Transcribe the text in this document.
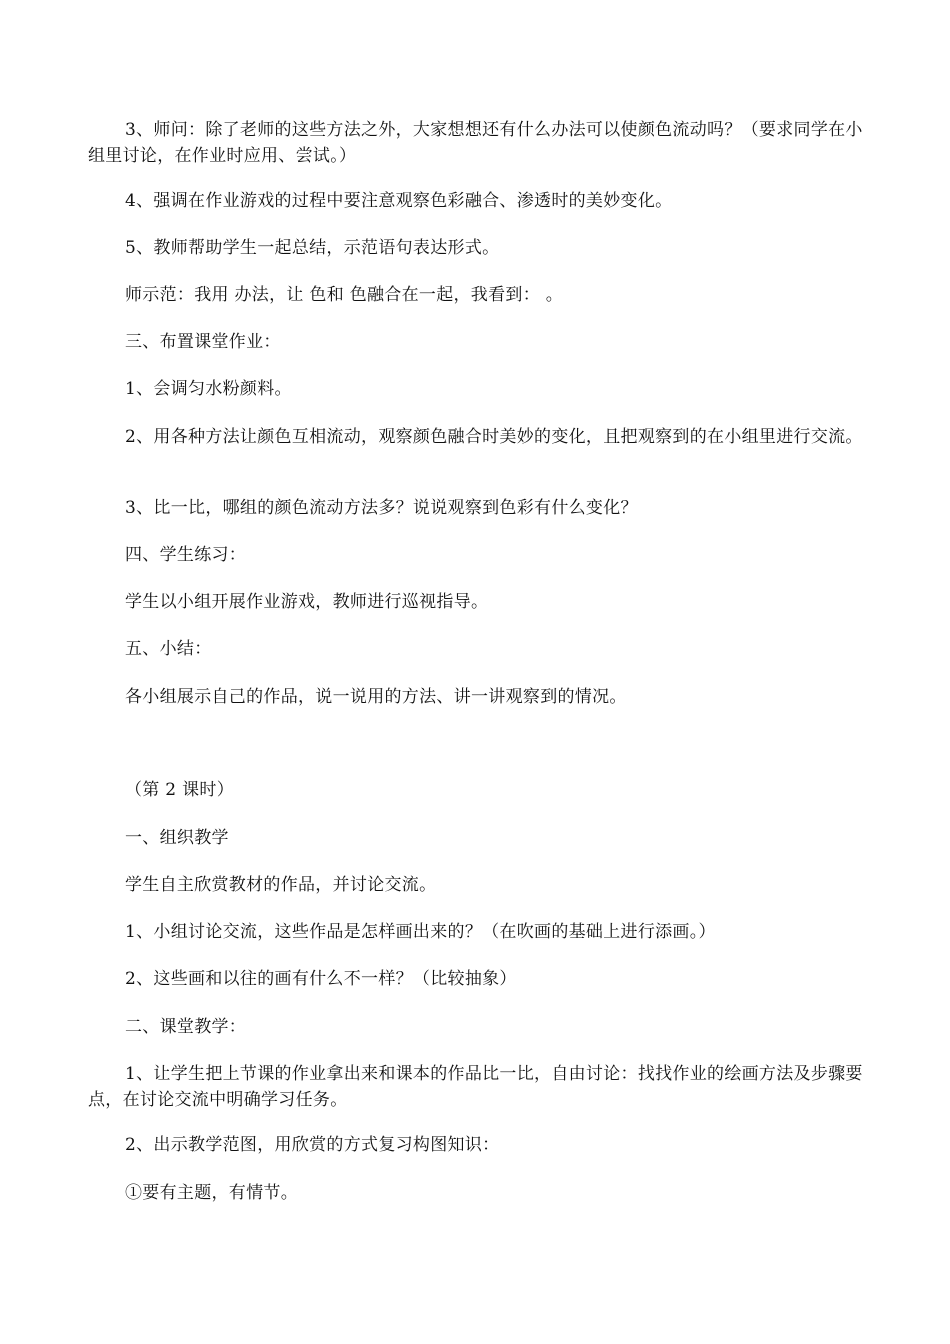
3、师问：除了老师的这些方法之外，大家想想还有什么办法可以使颜色流动吗？（要求同学在小组里讨论，在作业时应用、尝试。）

4、强调在作业游戏的过程中要注意观察色彩融合、渗透时的美妙变化。

5、教师帮助学生一起总结，示范语句表达形式。

师示范：我用 办法，让 色和 色融合在一起，我看到： 。

三、布置课堂作业：

1、会调匀水粉颜料。

2、用各种方法让颜色互相流动，观察颜色融合时美妙的变化，且把观察到的在小组里进行交流。

3、比一比，哪组的颜色流动方法多？说说观察到色彩有什么变化？

四、学生练习：

学生以小组开展作业游戏，教师进行巡视指导。

五、小结：

各小组展示自己的作品，说一说用的方法、讲一讲观察到的情况。

（第 2 课时）

一、组织教学

学生自主欣赏教材的作品，并讨论交流。

1、小组讨论交流，这些作品是怎样画出来的？（在吹画的基础上进行添画。）

2、这些画和以往的画有什么不一样？（比较抽象）

二、课堂教学：

1、让学生把上节课的作业拿出来和课本的作品比一比，自由讨论：找找作业的绘画方法及步骤要点，在讨论交流中明确学习任务。

2、出示教学范图，用欣赏的方式复习构图知识：

①要有主题，有情节。
